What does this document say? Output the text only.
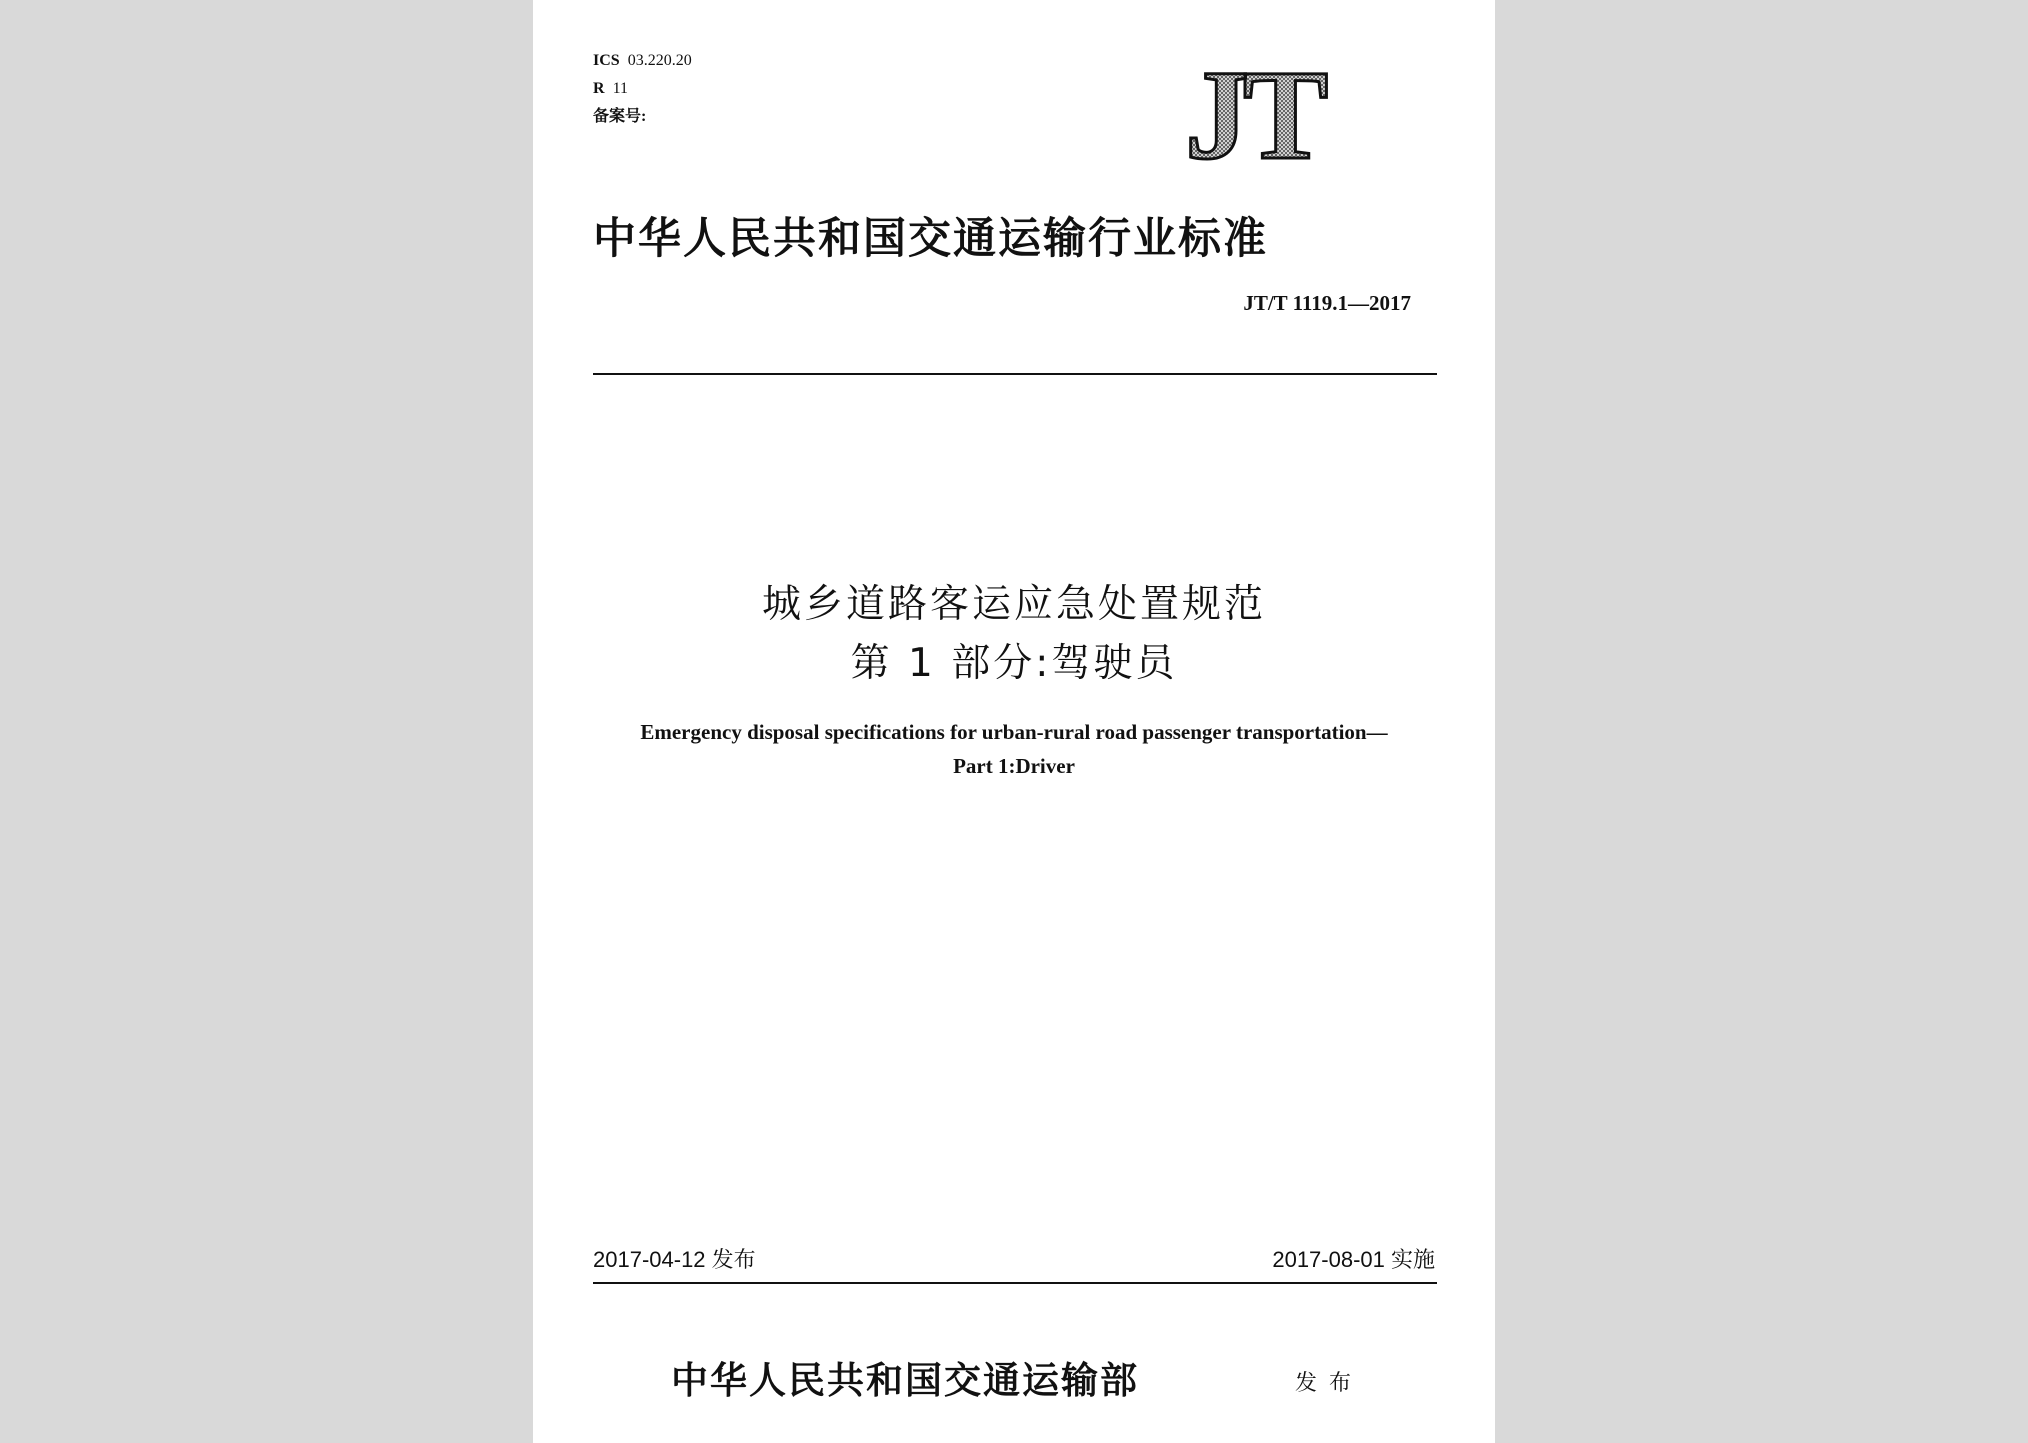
ICS 03.220.20
R 11
备案号:	JT
中华人民共和国交通运输行业标准
JT/T 1119.1—2017
城乡道路客运应急处置规范
第 1 部分:驾驶员
Emergency disposal specifications for urban-rural road passenger transportation—
Part 1:Driver
2017-04-12 发布	2017-08-01 实施
中华人民共和国交通运输部	发布
